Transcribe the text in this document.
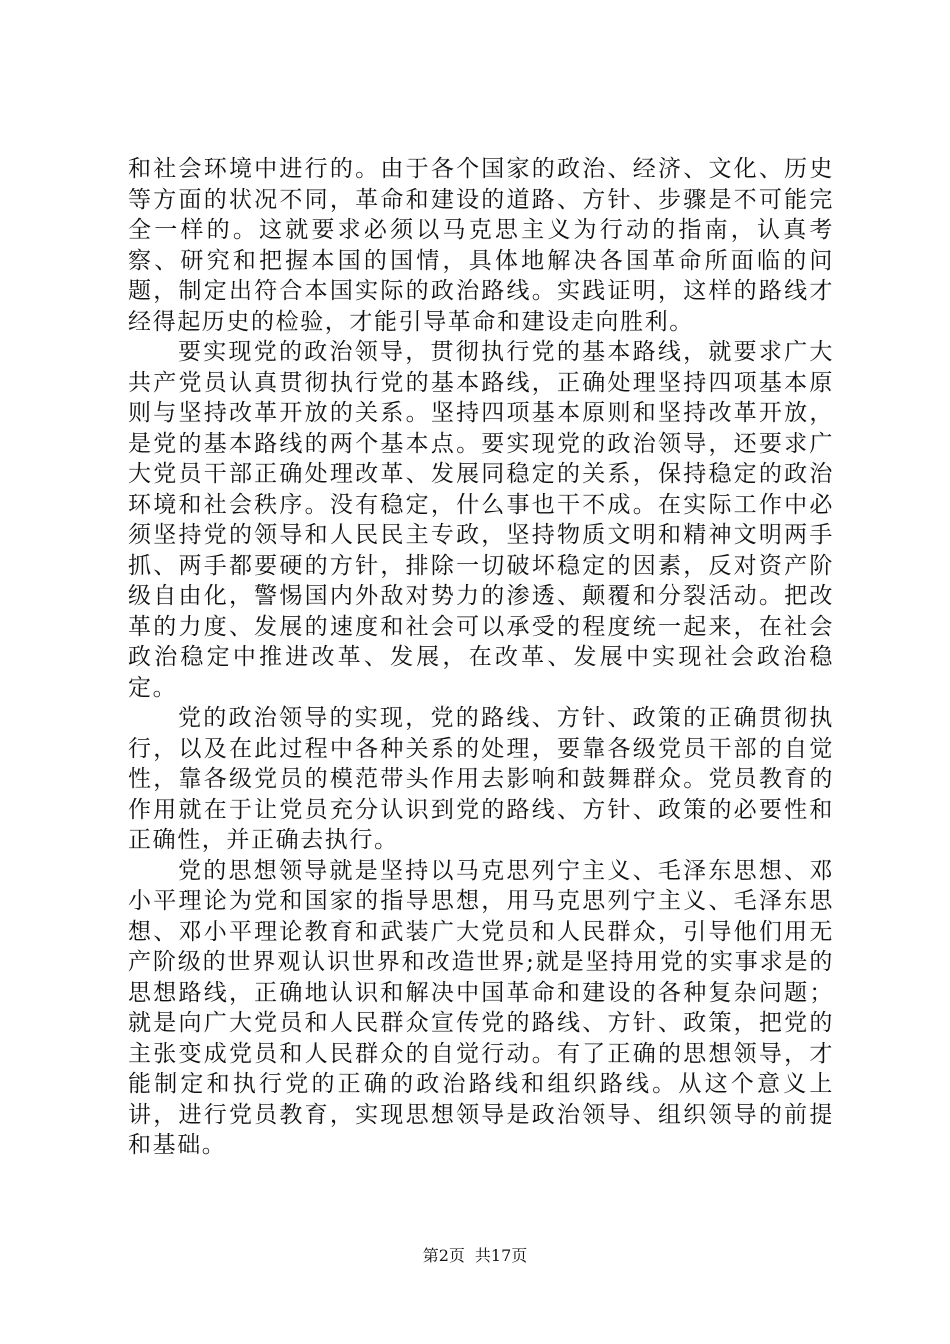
和社会环境中进行的。由于各个国家的政治、经济、文化、历史等方面的状况不同，革命和建设的道路、方针、步骤是不可能完全一样的。这就要求必须以马克思主义为行动的指南，认真考察、研究和把握本国的国情，具体地解决各国革命所面临的问题，制定出符合本国实际的政治路线。实践证明，这样的路线才经得起历史的检验，才能引导革命和建设走向胜利。

要实现党的政治领导，贯彻执行党的基本路线，就要求广大共产党员认真贯彻执行党的基本路线，正确处理坚持四项基本原则与坚持改革开放的关系。坚持四项基本原则和坚持改革开放，是党的基本路线的两个基本点。要实现党的政治领导，还要求广大党员干部正确处理改革、发展同稳定的关系，保持稳定的政治环境和社会秩序。没有稳定，什么事也干不成。在实际工作中必须坚持党的领导和人民民主专政，坚持物质文明和精神文明两手抓、两手都要硬的方针，排除一切破坏稳定的因素，反对资产阶级自由化，警惕国内外敌对势力的渗透、颠覆和分裂活动。把改革的力度、发展的速度和社会可以承受的程度统一起来，在社会政治稳定中推进改革、发展，在改革、发展中实现社会政治稳定。

党的政治领导的实现，党的路线、方针、政策的正确贯彻执行，以及在此过程中各种关系的处理，要靠各级党员干部的自觉性，靠各级党员的模范带头作用去影响和鼓舞群众。党员教育的作用就在于让党员充分认识到党的路线、方针、政策的必要性和正确性，并正确去执行。

党的思想领导就是坚持以马克思列宁主义、毛泽东思想、邓小平理论为党和国家的指导思想，用马克思列宁主义、毛泽东思想、邓小平理论教育和武装广大党员和人民群众，引导他们用无产阶级的世界观认识世界和改造世界;就是坚持用党的实事求是的思想路线，正确地认识和解决中国革命和建设的各种复杂问题；就是向广大党员和人民群众宣传党的路线、方针、政策，把党的主张变成党员和人民群众的自觉行动。有了正确的思想领导，才能制定和执行党的正确的政治路线和组织路线。从这个意义上讲，进行党员教育，实现思想领导是政治领导、组织领导的前提和基础。

第2页 共17页
